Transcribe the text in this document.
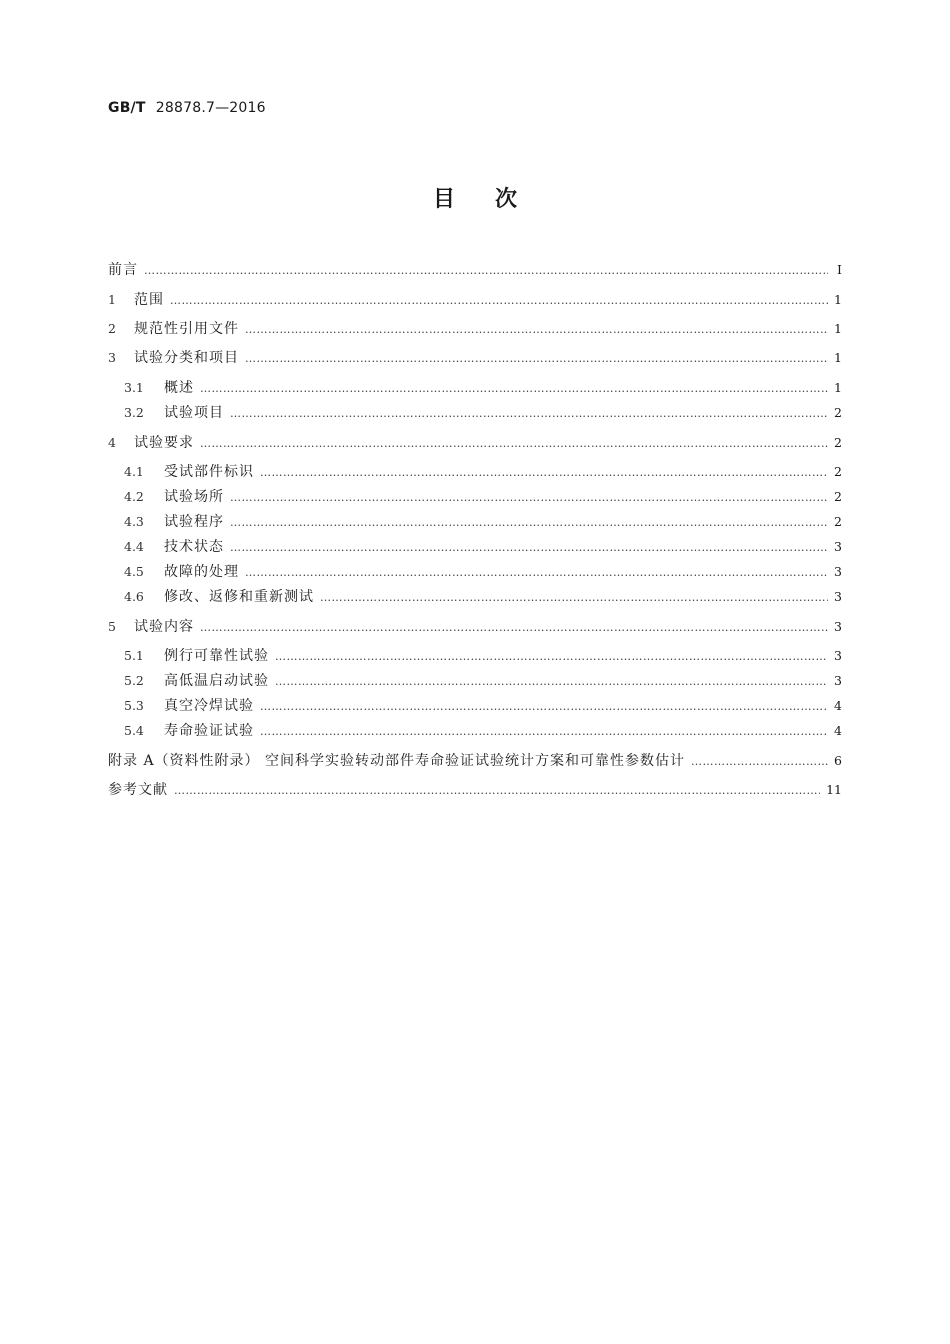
GB/T 28878.7—2016
目次
前言 …………………………………………………………………………………………………………………………………………………………………………………………………………………………………………	Ⅰ
1	范围 …………………………………………………………………………………………………………………………………………………………………………………………………………………………………………	1
2	规范性引用文件 …………………………………………………………………………………………………………………………………………………………………………………………………………………………………………	1
3	试验分类和项目 …………………………………………………………………………………………………………………………………………………………………………………………………………………………………………	1
3.1	概述 …………………………………………………………………………………………………………………………………………………………………………………………………………………………………………	1
3.2	试验项目 …………………………………………………………………………………………………………………………………………………………………………………………………………………………………………	2
4	试验要求 …………………………………………………………………………………………………………………………………………………………………………………………………………………………………………	2
4.1	受试部件标识 …………………………………………………………………………………………………………………………………………………………………………………………………………………………………………	2
4.2	试验场所 …………………………………………………………………………………………………………………………………………………………………………………………………………………………………………	2
4.3	试验程序 …………………………………………………………………………………………………………………………………………………………………………………………………………………………………………	2
4.4	技术状态 …………………………………………………………………………………………………………………………………………………………………………………………………………………………………………	3
4.5	故障的处理 …………………………………………………………………………………………………………………………………………………………………………………………………………………………………………	3
4.6	修改、返修和重新测试 …………………………………………………………………………………………………………………………………………………………………………………………………………………………………………	3
5	试验内容 …………………………………………………………………………………………………………………………………………………………………………………………………………………………………………	3
5.1	例行可靠性试验 …………………………………………………………………………………………………………………………………………………………………………………………………………………………………………	3
5.2	高低温启动试验 …………………………………………………………………………………………………………………………………………………………………………………………………………………………………………	3
5.3	真空冷焊试验 …………………………………………………………………………………………………………………………………………………………………………………………………………………………………………	4
5.4	寿命验证试验 …………………………………………………………………………………………………………………………………………………………………………………………………………………………………………	4
附录 A（资料性附录） 空间科学实验转动部件寿命验证试验统计方案和可靠性参数估计 …………………………………………………………………………………………………………………………………………………………………………………………………………………………………………	6
参考文献 …………………………………………………………………………………………………………………………………………………………………………………………………………………………………………	11
